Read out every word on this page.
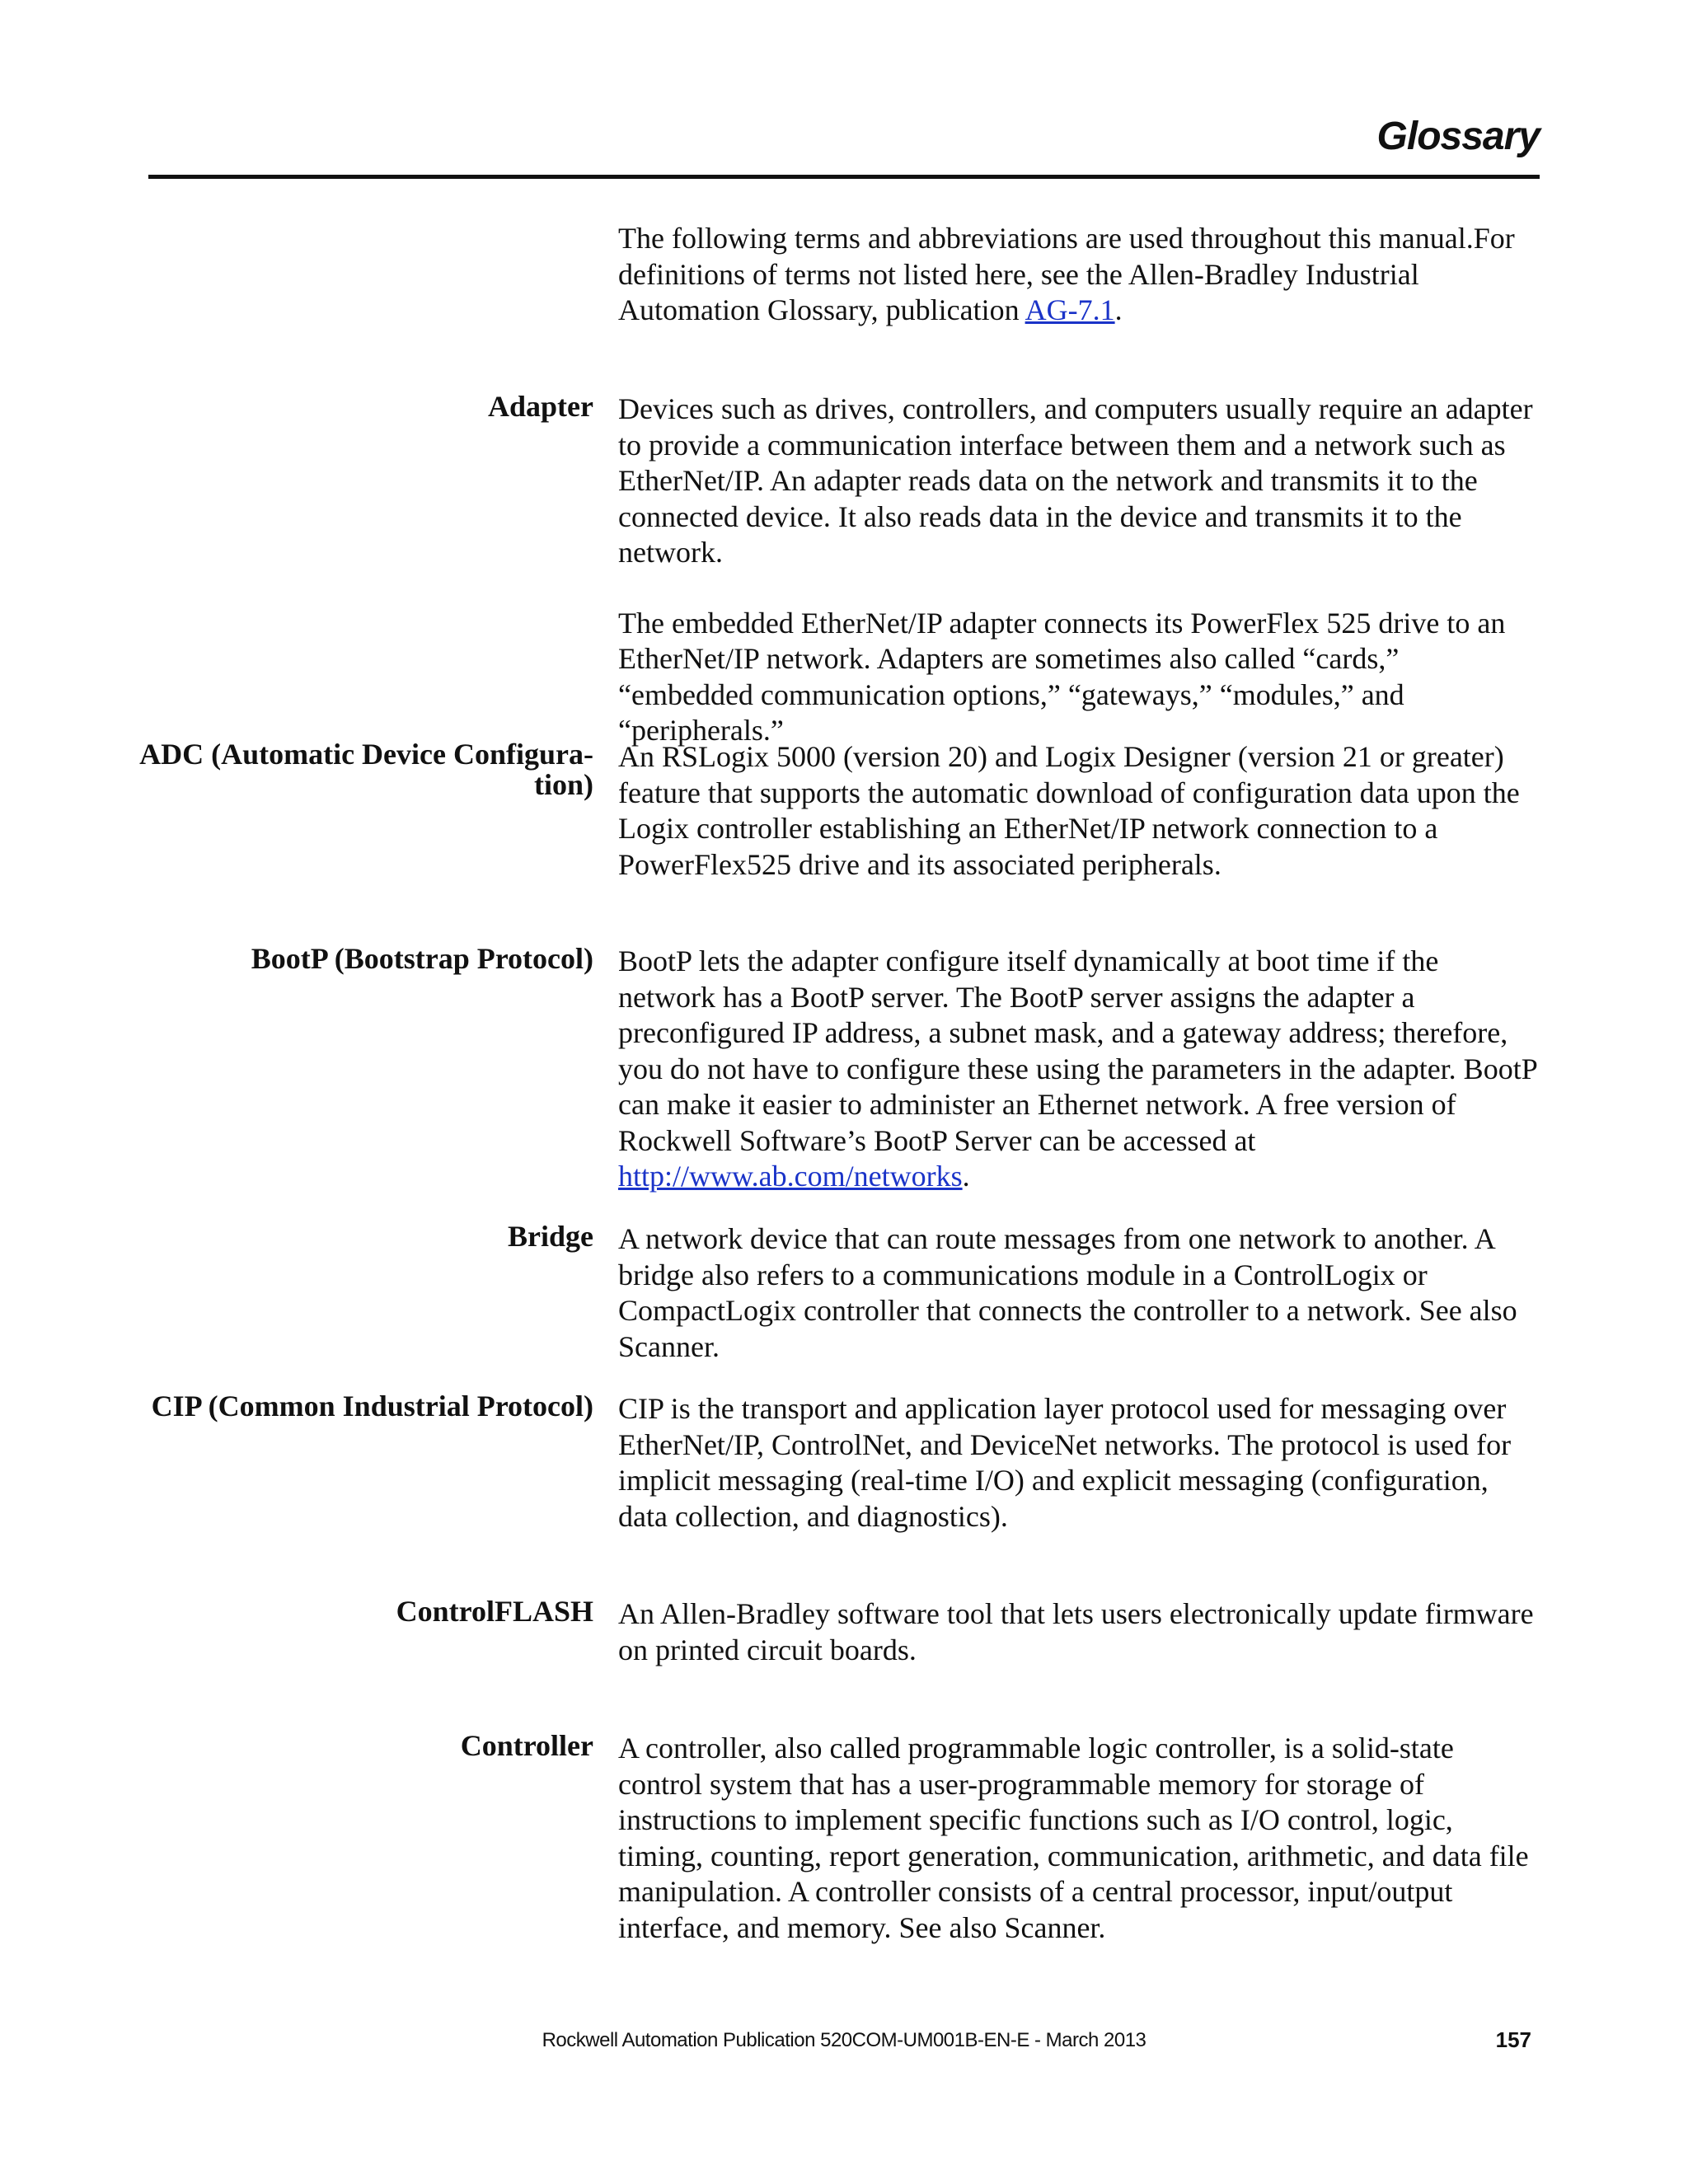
Glossary
The following terms and abbreviations are used throughout this manual.For definitions of terms not listed here, see the Allen-Bradley Industrial Automation Glossary, publication AG-7.1.
Adapter Devices such as drives, controllers, and computers usually require an adapter to provide a communication interface between them and a network such as EtherNet/IP. An adapter reads data on the network and transmits it to the connected device. It also reads data in the device and transmits it to the network.

The embedded EtherNet/IP adapter connects its PowerFlex 525 drive to an EtherNet/IP network. Adapters are sometimes also called “cards,” “embedded communication options,” “gateways,” “modules,” and “peripherals.”

ADC (Automatic Device Configura-
tion)

An RSLogix 5000 (version 20) and Logix Designer (version 21 or greater) feature that supports the automatic download of configuration data upon the Logix controller establishing an EtherNet/IP network connection to a PowerFlex525 drive and its associated peripherals.

BootP (Bootstrap Protocol) BootP lets the adapter configure itself dynamically at boot time if the network has a BootP server. The BootP server assigns the adapter a preconfigured IP address, a subnet mask, and a gateway address; therefore, you do not have to configure these using the parameters in the adapter. BootP can make it easier to administer an Ethernet network. A free version of Rockwell Software’s BootP Server can be accessed at http://www.ab.com/networks.

Bridge A network device that can route messages from one network to another. A bridge also refers to a communications module in a ControlLogix or CompactLogix controller that connects the controller to a network. See also Scanner.

CIP (Common Industrial Protocol) CIP is the transport and application layer protocol used for messaging over EtherNet/IP, ControlNet, and DeviceNet networks. The protocol is used for implicit messaging (real-time I/O) and explicit messaging (configuration, data collection, and diagnostics).

ControlFLASH An Allen-Bradley software tool that lets users electronically update firmware on printed circuit boards.

Controller A controller, also called programmable logic controller, is a solid-state control system that has a user-programmable memory for storage of instructions to implement specific functions such as I/O control, logic, timing, counting, report generation, communication, arithmetic, and data file manipulation. A controller consists of a central processor, input/output interface, and memory. See also Scanner.

Rockwell Automation Publication 520COM-UM001B-EN-E - March 2013	157
